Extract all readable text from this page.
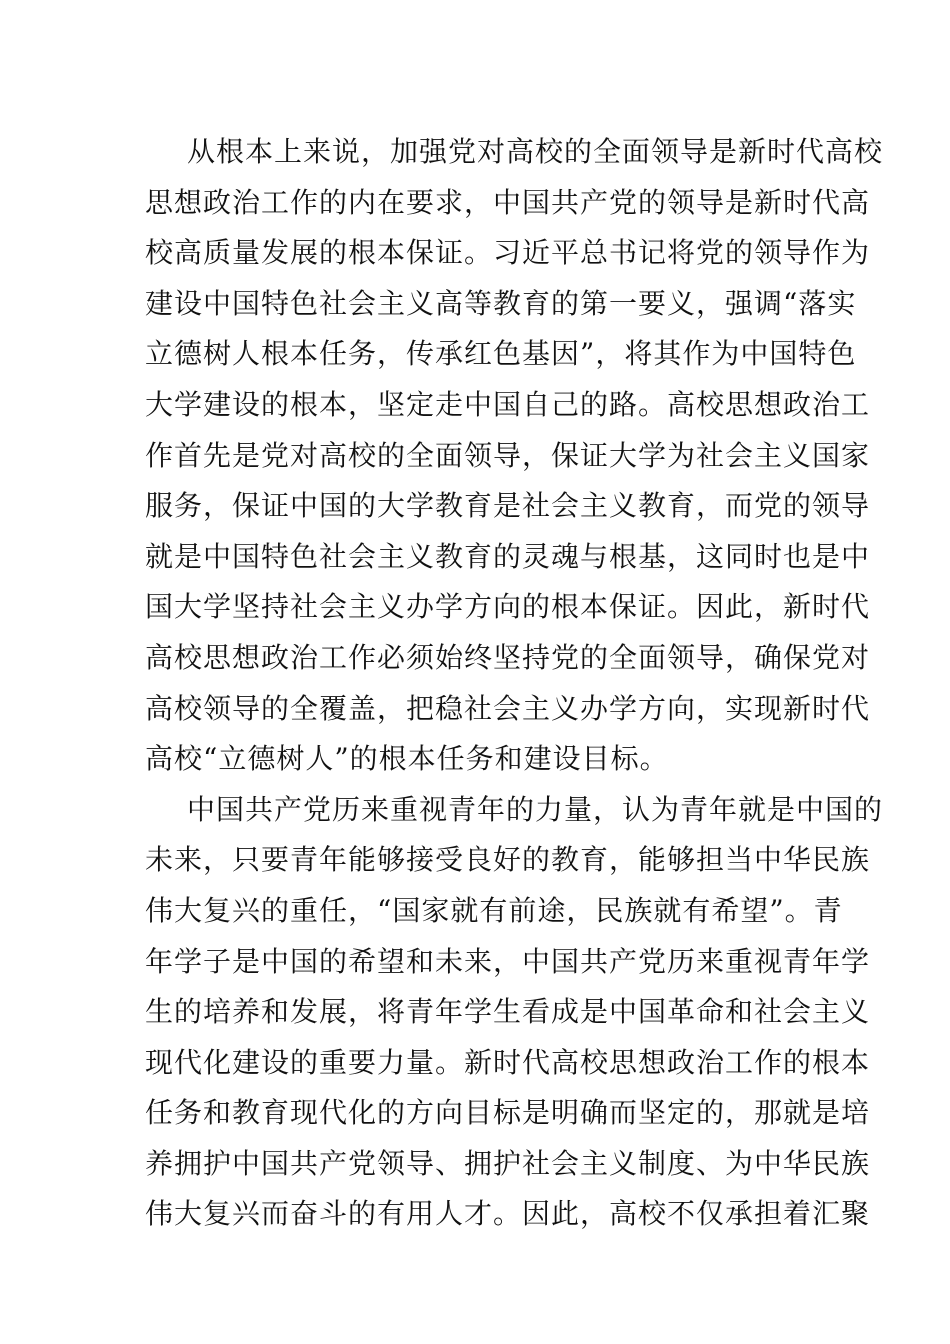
从根本上来说，加强党对高校的全面领导是新时代高校
思想政治工作的内在要求，中国共产党的领导是新时代高
校高质量发展的根本保证。习近平总书记将党的领导作为
建设中国特色社会主义高等教育的第一要义，强调“落实
立德树人根本任务，传承红色基因”，将其作为中国特色
大学建设的根本，坚定走中国自己的路。高校思想政治工
作首先是党对高校的全面领导，保证大学为社会主义国家
服务，保证中国的大学教育是社会主义教育，而党的领导
就是中国特色社会主义教育的灵魂与根基，这同时也是中
国大学坚持社会主义办学方向的根本保证。因此，新时代
高校思想政治工作必须始终坚持党的全面领导，确保党对
高校领导的全覆盖，把稳社会主义办学方向，实现新时代
高校“立德树人”的根本任务和建设目标。
中国共产党历来重视青年的力量，认为青年就是中国的
未来，只要青年能够接受良好的教育，能够担当中华民族
伟大复兴的重任，“国家就有前途，民族就有希望”。青
年学子是中国的希望和未来，中国共产党历来重视青年学
生的培养和发展，将青年学生看成是中国革命和社会主义
现代化建设的重要力量。新时代高校思想政治工作的根本
任务和教育现代化的方向目标是明确而坚定的，那就是培
养拥护中国共产党领导、拥护社会主义制度、为中华民族
伟大复兴而奋斗的有用人才。因此，高校不仅承担着汇聚
